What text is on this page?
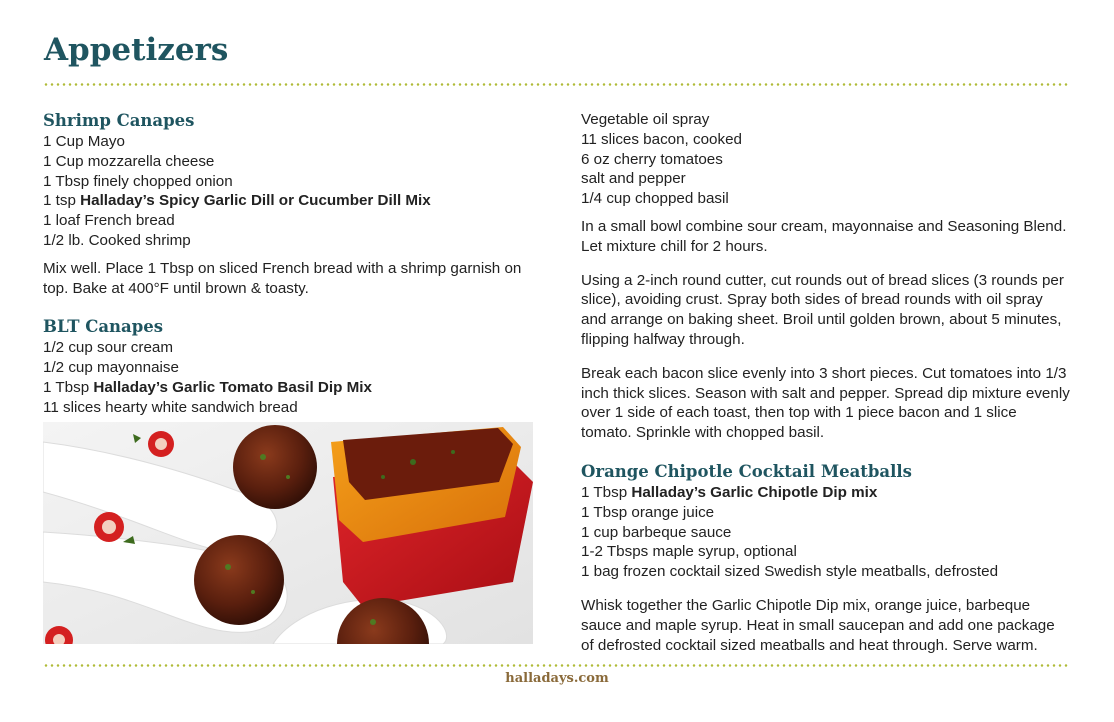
Appetizers
Shrimp Canapes

1 Cup Mayo

1 Cup mozzarella cheese

1 Tbsp finely chopped onion

1 tsp Halladay’s Spicy Garlic Dill or Cucumber Dill Mix

1 loaf French bread

1/2 lb. Cooked shrimp

Mix well. Place 1 Tbsp on sliced French bread with a shrimp garnish on top. Bake at 400°F until brown & toasty.

BLT Canapes

1/2 cup sour cream

1/2 cup mayonnaise

1 Tbsp Halladay’s Garlic Tomato Basil Dip Mix

11 slices hearty white sandwich bread

Vegetable oil spray

11 slices bacon, cooked

6 oz cherry tomatoes

salt and pepper

1/4 cup chopped basil

In a small bowl combine sour cream, mayonnaise and Seasoning Blend. Let mixture chill for 2 hours.

Using a 2-inch round cutter, cut rounds out of bread slices (3 rounds per slice), avoiding crust. Spray both sides of bread rounds with oil spray and arrange on baking sheet. Broil until golden brown, about 5 minutes, flipping halfway through.

Break each bacon slice evenly into 3 short pieces. Cut tomatoes into 1/3 inch thick slices. Season with salt and pepper. Spread dip mixture evenly over 1 side of each toast, then top with 1 piece bacon and 1 slice tomato. Sprinkle with chopped basil.

Orange Chipotle Cocktail Meatballs

1 Tbsp Halladay’s Garlic Chipotle Dip mix

1 Tbsp orange juice

1 cup barbeque sauce

1-2 Tbsps maple syrup, optional

1 bag frozen cocktail sized Swedish style meatballs, defrosted

Whisk together the Garlic Chipotle Dip mix, orange juice, barbeque sauce and maple syrup. Heat in small saucepan and add one package of defrosted cocktail sized meatballs and heat through. Serve warm.

halladays.com
